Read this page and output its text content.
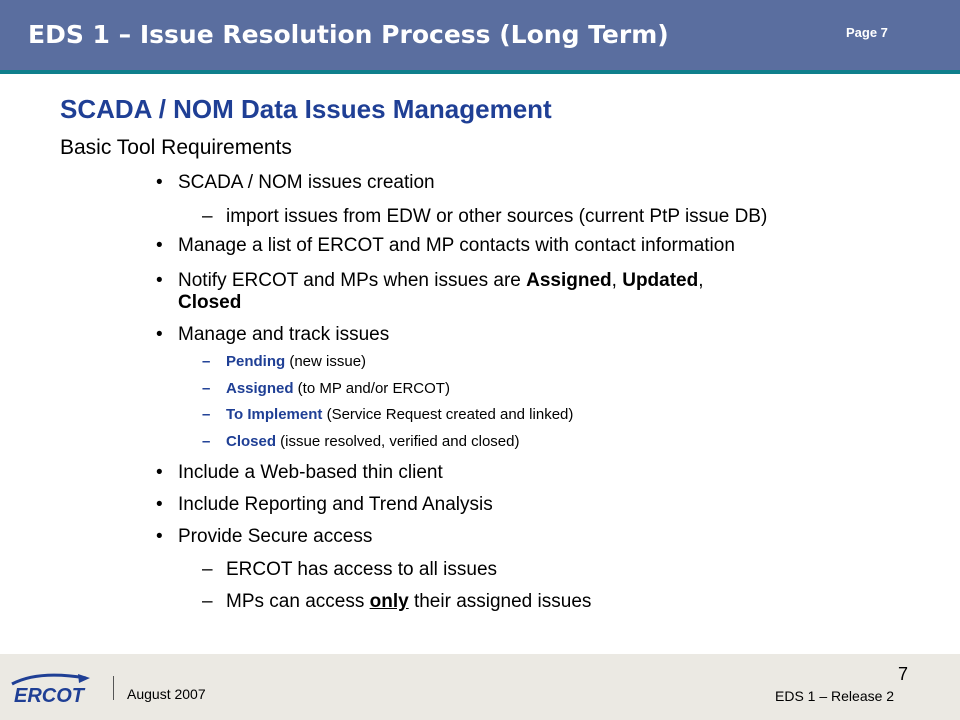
EDS 1 – Issue Resolution Process (Long Term)	Page 7
SCADA / NOM Data Issues Management
Basic Tool Requirements
• SCADA / NOM issues creation
– import issues from EDW or other sources (current PtP issue DB)
• Manage a list of ERCOT and MP contacts with contact information
• Notify ERCOT and MPs when issues are Assigned, Updated,
Closed
• Manage and track issues
– Pending (new issue)
– Assigned (to MP and/or ERCOT)
– To Implement (Service Request created and linked)
– Closed (issue resolved, verified and closed)
• Include a Web-based thin client
• Include Reporting and Trend Analysis
• Provide Secure access
– ERCOT has access to all issues
– MPs can access only their assigned issues
ERCOT	August 2007
7
EDS 1 – Release 2
